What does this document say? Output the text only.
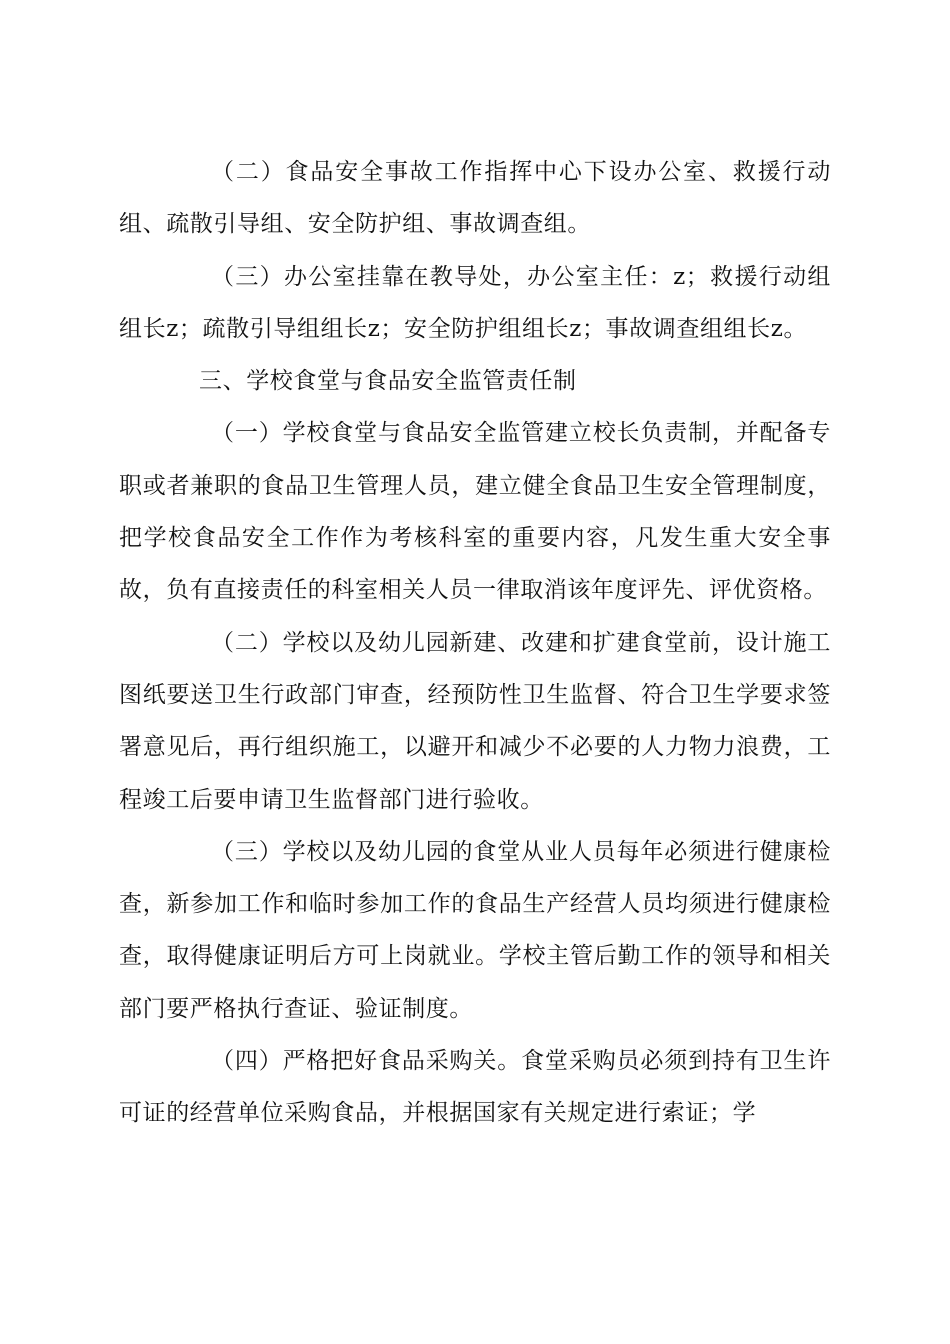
（二）食品安全事故工作指挥中心下设办公室、救援行动组、疏散引导组、安全防护组、事故调查组。

（三）办公室挂靠在教导处，办公室主任：z；救援行动组组长z；疏散引导组组长z；安全防护组组长z；事故调查组组长z。

三、学校食堂与食品安全监管责任制

（一）学校食堂与食品安全监管建立校长负责制，并配备专职或者兼职的食品卫生管理人员，建立健全食品卫生安全管理制度，把学校食品安全工作作为考核科室的重要内容，凡发生重大安全事故，负有直接责任的科室相关人员一律取消该年度评先、评优资格。

（二）学校以及幼儿园新建、改建和扩建食堂前，设计施工图纸要送卫生行政部门审查，经预防性卫生监督、符合卫生学要求签署意见后，再行组织施工，以避开和减少不必要的人力物力浪费，工程竣工后要申请卫生监督部门进行验收。

（三）学校以及幼儿园的食堂从业人员每年必须进行健康检查，新参加工作和临时参加工作的食品生产经营人员均须进行健康检查，取得健康证明后方可上岗就业。学校主管后勤工作的领导和相关部门要严格执行查证、验证制度。

（四）严格把好食品采购关。食堂采购员必须到持有卫生许可证的经营单位采购食品，并根据国家有关规定进行索证；学
